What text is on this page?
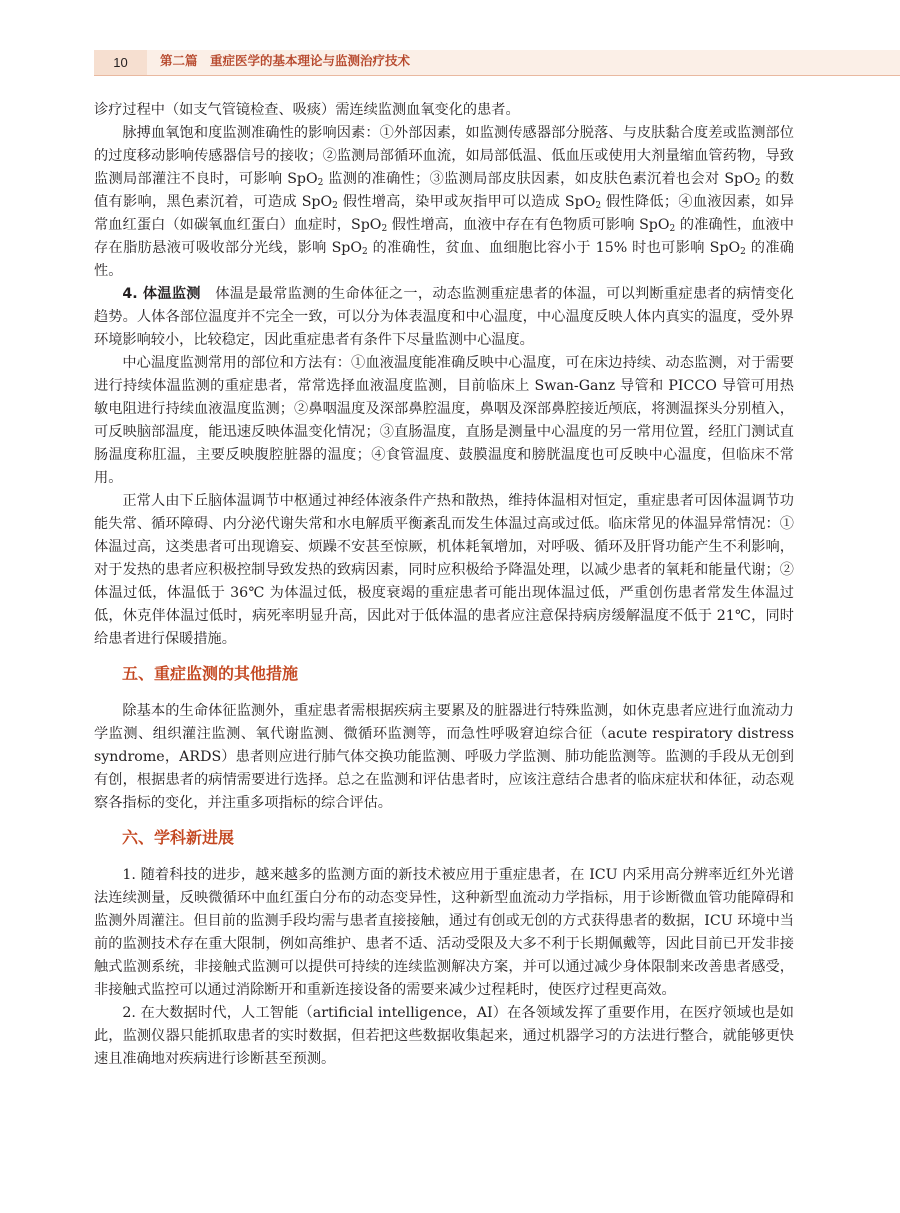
10	第二篇　重症医学的基本理论与监测治疗技术

诊疗过程中（如支气管镜检查、吸痰）需连续监测血氧变化的患者。

脉搏血氧饱和度监测准确性的影响因素：①外部因素，如监测传感器部分脱落、与皮肤黏合度差或监测部位的过度移动影响传感器信号的接收；②监测局部循环血流，如局部低温、低血压或使用大剂量缩血管药物，导致监测局部灌注不良时，可影响 SpO$_2$ 监测的准确性；③监测局部皮肤因素，如皮肤色素沉着也会对 SpO$_2$ 的数值有影响，黑色素沉着，可造成 SpO$_2$ 假性增高，染甲或灰指甲可以造成 SpO$_2$ 假性降低；④血液因素，如异常血红蛋白（如碳氧血红蛋白）血症时，SpO$_2$ 假性增高，血液中存在有色物质可影响 SpO$_2$ 的准确性，血液中存在脂肪悬液可吸收部分光线，影响 SpO$_2$ 的准确性，贫血、血细胞比容小于 15% 时也可影响 SpO$_2$ 的准确性。

4. 体温监测　体温是最常监测的生命体征之一，动态监测重症患者的体温，可以判断重症患者的病情变化趋势。人体各部位温度并不完全一致，可以分为体表温度和中心温度，中心温度反映人体内真实的温度，受外界环境影响较小，比较稳定，因此重症患者有条件下尽量监测中心温度。

中心温度监测常用的部位和方法有：①血液温度能准确反映中心温度，可在床边持续、动态监测，对于需要进行持续体温监测的重症患者，常常选择血液温度监测，目前临床上 Swan-Ganz 导管和 PICCO 导管可用热敏电阻进行持续血液温度监测；②鼻咽温度及深部鼻腔温度，鼻咽及深部鼻腔接近颅底，将测温探头分别植入，可反映脑部温度，能迅速反映体温变化情况；③直肠温度，直肠是测量中心温度的另一常用位置，经肛门测试直肠温度称肛温，主要反映腹腔脏器的温度；④食管温度、鼓膜温度和膀胱温度也可反映中心温度，但临床不常用。

正常人由下丘脑体温调节中枢通过神经体液条件产热和散热，维持体温相对恒定，重症患者可因体温调节功能失常、循环障碍、内分泌代谢失常和水电解质平衡紊乱而发生体温过高或过低。临床常见的体温异常情况：①体温过高，这类患者可出现谵妄、烦躁不安甚至惊厥，机体耗氧增加，对呼吸、循环及肝肾功能产生不利影响，对于发热的患者应积极控制导致发热的致病因素，同时应积极给予降温处理，以减少患者的氧耗和能量代谢；②体温过低，体温低于 36℃ 为体温过低，极度衰竭的重症患者可能出现体温过低，严重创伤患者常发生体温过低，休克伴体温过低时，病死率明显升高，因此对于低体温的患者应注意保持病房缓解温度不低于 21℃，同时给患者进行保暖措施。

五、重症监测的其他措施

除基本的生命体征监测外，重症患者需根据疾病主要累及的脏器进行特殊监测，如休克患者应进行血流动力学监测、组织灌注监测、氧代谢监测、微循环监测等，而急性呼吸窘迫综合征（acute respiratory distress syndrome，ARDS）患者则应进行肺气体交换功能监测、呼吸力学监测、肺功能监测等。监测的手段从无创到有创，根据患者的病情需要进行选择。总之在监测和评估患者时，应该注意结合患者的临床症状和体征，动态观察各指标的变化，并注重多项指标的综合评估。

六、学科新进展

1. 随着科技的进步，越来越多的监测方面的新技术被应用于重症患者，在 ICU 内采用高分辨率近红外光谱法连续测量，反映微循环中血红蛋白分布的动态变异性，这种新型血流动力学指标，用于诊断微血管功能障碍和监测外周灌注。但目前的监测手段均需与患者直接接触，通过有创或无创的方式获得患者的数据，ICU 环境中当前的监测技术存在重大限制，例如高维护、患者不适、活动受限及大多不利于长期佩戴等，因此目前已开发非接触式监测系统，非接触式监测可以提供可持续的连续监测解决方案，并可以通过减少身体限制来改善患者感受，非接触式监控可以通过消除断开和重新连接设备的需要来减少过程耗时，使医疗过程更高效。

2. 在大数据时代，人工智能（artificial intelligence，AI）在各领域发挥了重要作用，在医疗领域也是如此，监测仪器只能抓取患者的实时数据，但若把这些数据收集起来，通过机器学习的方法进行整合，就能够更快速且准确地对疾病进行诊断甚至预测。
